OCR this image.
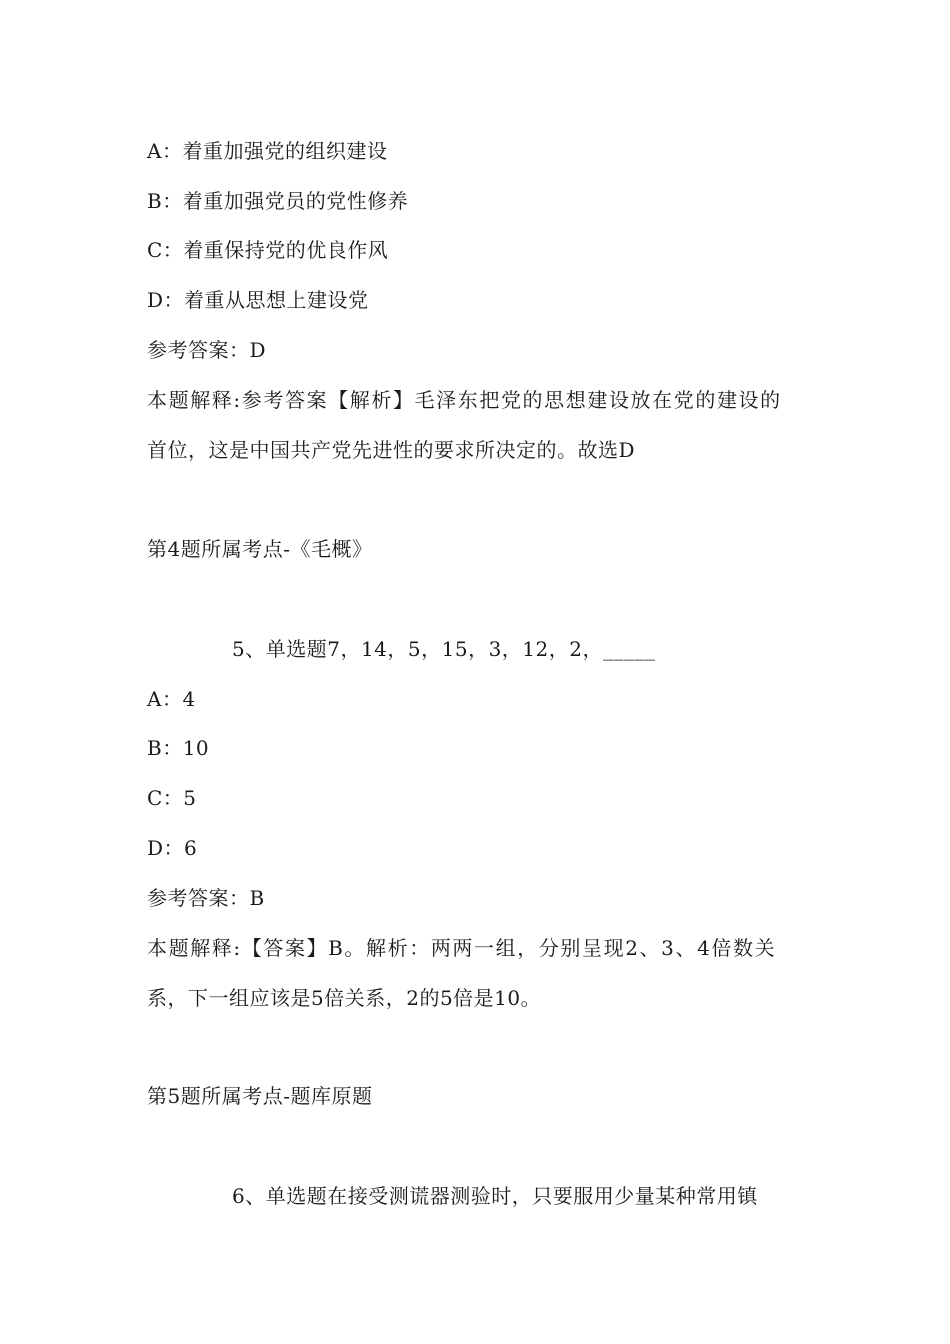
A：着重加强党的组织建设
B：着重加强党员的党性修养
C：着重保持党的优良作风
D：着重从思想上建设党
参考答案：D
本题解释:参考答案【解析】毛泽东把党的思想建设放在党的建设的
首位，这是中国共产党先进性的要求所决定的。故选D
第4题所属考点-《毛概》
5、单选题7，14，5，15，3，12，2，_____
A：4
B：10
C：5
D：6
参考答案：B
本题解释:【答案】B。解析：两两一组，分别呈现2、3、4倍数关
系，下一组应该是5倍关系，2的5倍是10。
第5题所属考点-题库原题
6、单选题在接受测谎器测验时，只要服用少量某种常用镇
